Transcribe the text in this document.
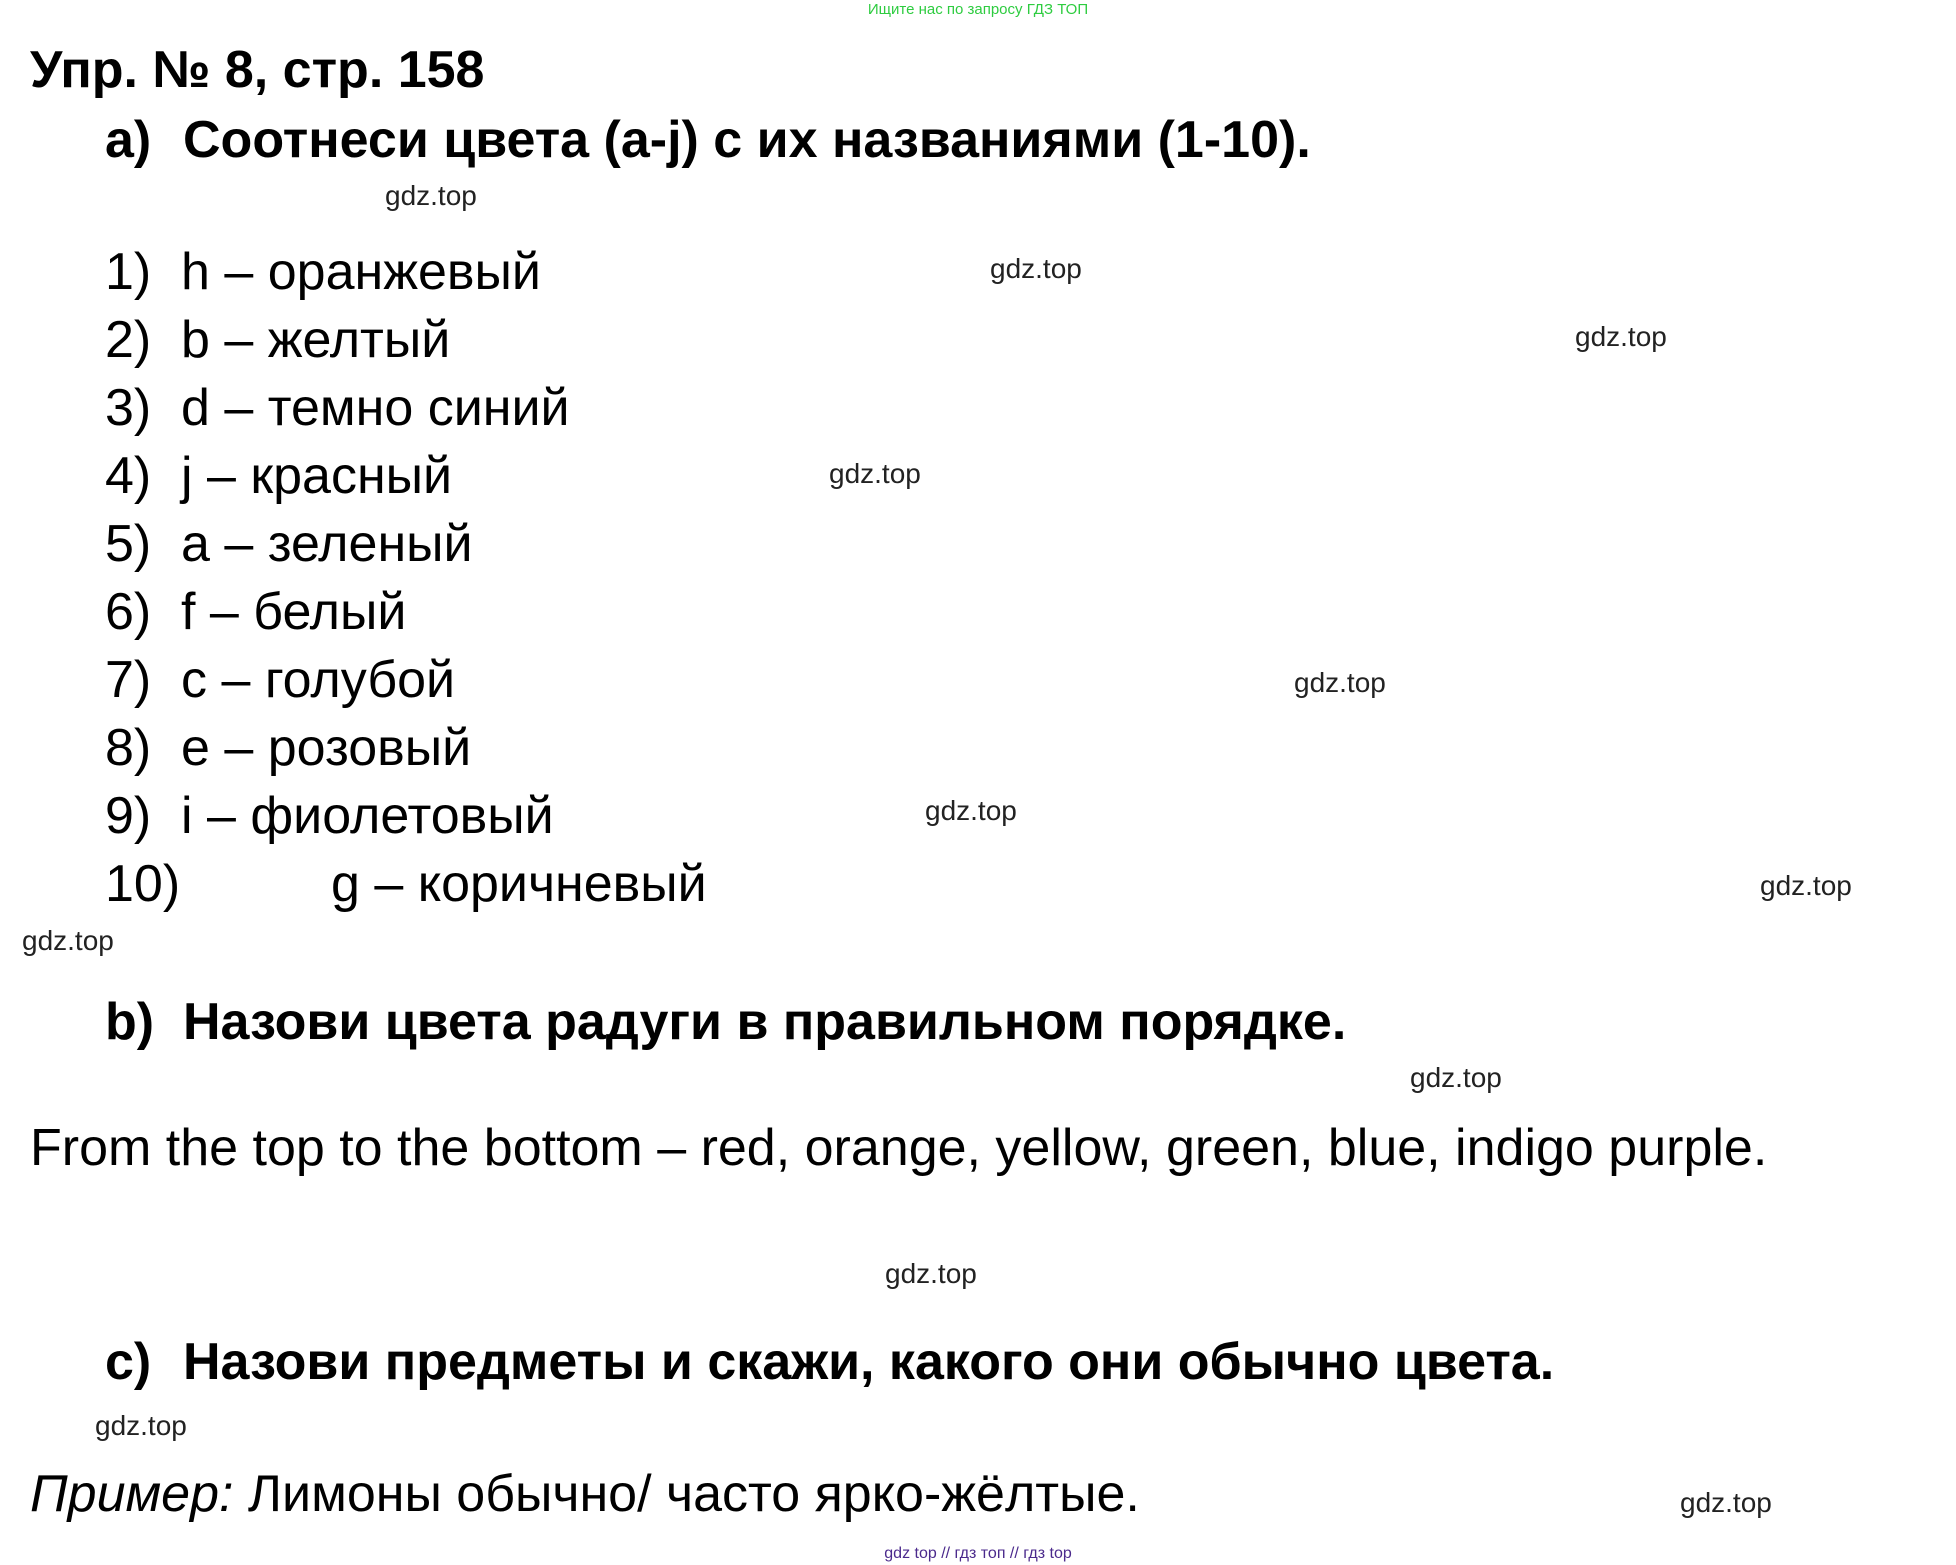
Ищите нас по запросу ГДЗ ТОП
Упр. № 8, стр. 158
a) Соотнеси цвета (a-j) с их названиями (1-10).
1) h – оранжевый
2) b – желтый
3) d – темно синий
4) j – красный
5) a – зеленый
6) f – белый
7) c – голубой
8) e – розовый
9) i – фиолетовый
10)	g – коричневый
b) Назови цвета радуги в правильном порядке.
From the top to the bottom – red, orange, yellow, green, blue, indigo purple.
c) Назови предметы и скажи, какого они обычно цвета.
Пример: Лимоны обычно/ часто ярко-жёлтые.
gdz.top
gdz.top
gdz.top
gdz.top
gdz.top
gdz.top
gdz.top
gdz.top
gdz.top
gdz.top
gdz.top
gdz.top
gdz top // гдз топ // гдз top
